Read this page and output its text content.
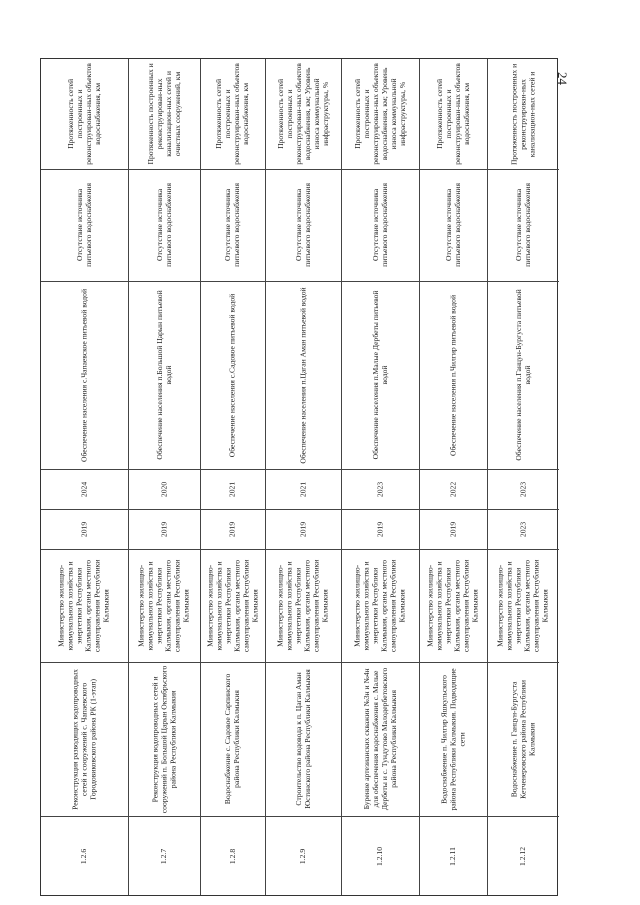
24
1.2.6
Реконструкция разводящих водопроводных сетей и сооружений с. Чапаевского Городовиковского района РК (1-этап)
Министерство жилищно-коммунального хозяйства и энергетики Республики Калмыкия, органы местного самоуправления Республики Калмыкия
2019
2024
Обеспечение населения с.Чапаевское питьевой водой
Отсутствие источника питьевого водоснабжения
Протяженность сетей построенных и реконструирован-ных объектов водоснабжения, км
1.2.7
Реконструкция водопроводных сетей и сооружений п. Большой Царын Октябрьского района Республики Калмыкия
Министерство жилищно-коммунального хозяйства и энергетики Республики Калмыкия, органы местного самоуправления Республики Калмыкия
2019
2020
Обеспечение населения п.Большой Царын питьевой водой
Отсутствие источника питьевого водоснабжения
Протяженность построенных и реконструирован-ных канализацион-ных сетей и очистных сооружений, км
1.2.8
Водоснабжение с. Садовое Сарпинского района Республики Калмыкия
Министерство жилищно-коммунального хозяйства и энергетики Республики Калмыкия, органы местного самоуправления Республики Калмыкия
2019
2021
Обеспечение населения с.Садовое питьевой водой
Отсутствие источника питьевого водоснабжения
Протяженность сетей построенных и реконструирован-ных объектов водоснабжения, км
1.2.9
Строительство водовода к п. Цаган Аман Юстинского района Республики Калмыкия
Министерство жилищно-коммунального хозяйства и энергетики Республики Калмыкия, органы местного самоуправления Республики Калмыкия
2019
2021
Обеспечение населения п.Цаган Аман питьевой водой
Отсутствие источника питьевого водоснабжения
Протяженность сетей построенных и реконструирован-ных объектов водоснабжения, км; Уровень износа коммунальной инфраструктуры, %
1.2.10
Бурение артезианских скважин №3н и №4н для обеспечения водоснабжения с. Малые Дербеты и с. Тундутово Малодербетовского района Республики Калмыкия
Министерство жилищно-коммунального хозяйства и энергетики Республики Калмыкия, органы местного самоуправления Республики Калмыкия
2019
2023
Обеспечение населения п.Малые Дербеты питьевой водой
Отсутствие источника питьевого водоснабжения
Протяженность сетей построенных и реконструирован-ных объектов водоснабжения, км; Уровень износа коммунальной инфраструктуры, %
1.2.11
Водоснабжение п. Чилгир Яшкульского района Республики Калмыкия. Подводящие сети
Министерство жилищно-коммунального хозяйства и энергетики Республики Калмыкия, органы местного самоуправления Республики Калмыкия
2019
2022
Обеспечение населения п.Чилгир питьевой водой
Отсутствие источника питьевого водоснабжения
Протяженность сетей построенных и реконструирован-ных объектов водоснабжения, км
1.2.12
Водоснабжение п. Ганцун-Бургуста Кетченеровского района Республики Калмыкия
Министерство жилищно-коммунального хозяйства и энергетики Республики Калмыкия, органы местного самоуправления Республики Калмыкия
2023
2023
Обеспечение населения п.Ганцун-Бургуста питьевой водой
Отсутствие источника питьевого водоснабжения
Протяженность построенных и реконструирован-ных канализацион-ных сетей и
